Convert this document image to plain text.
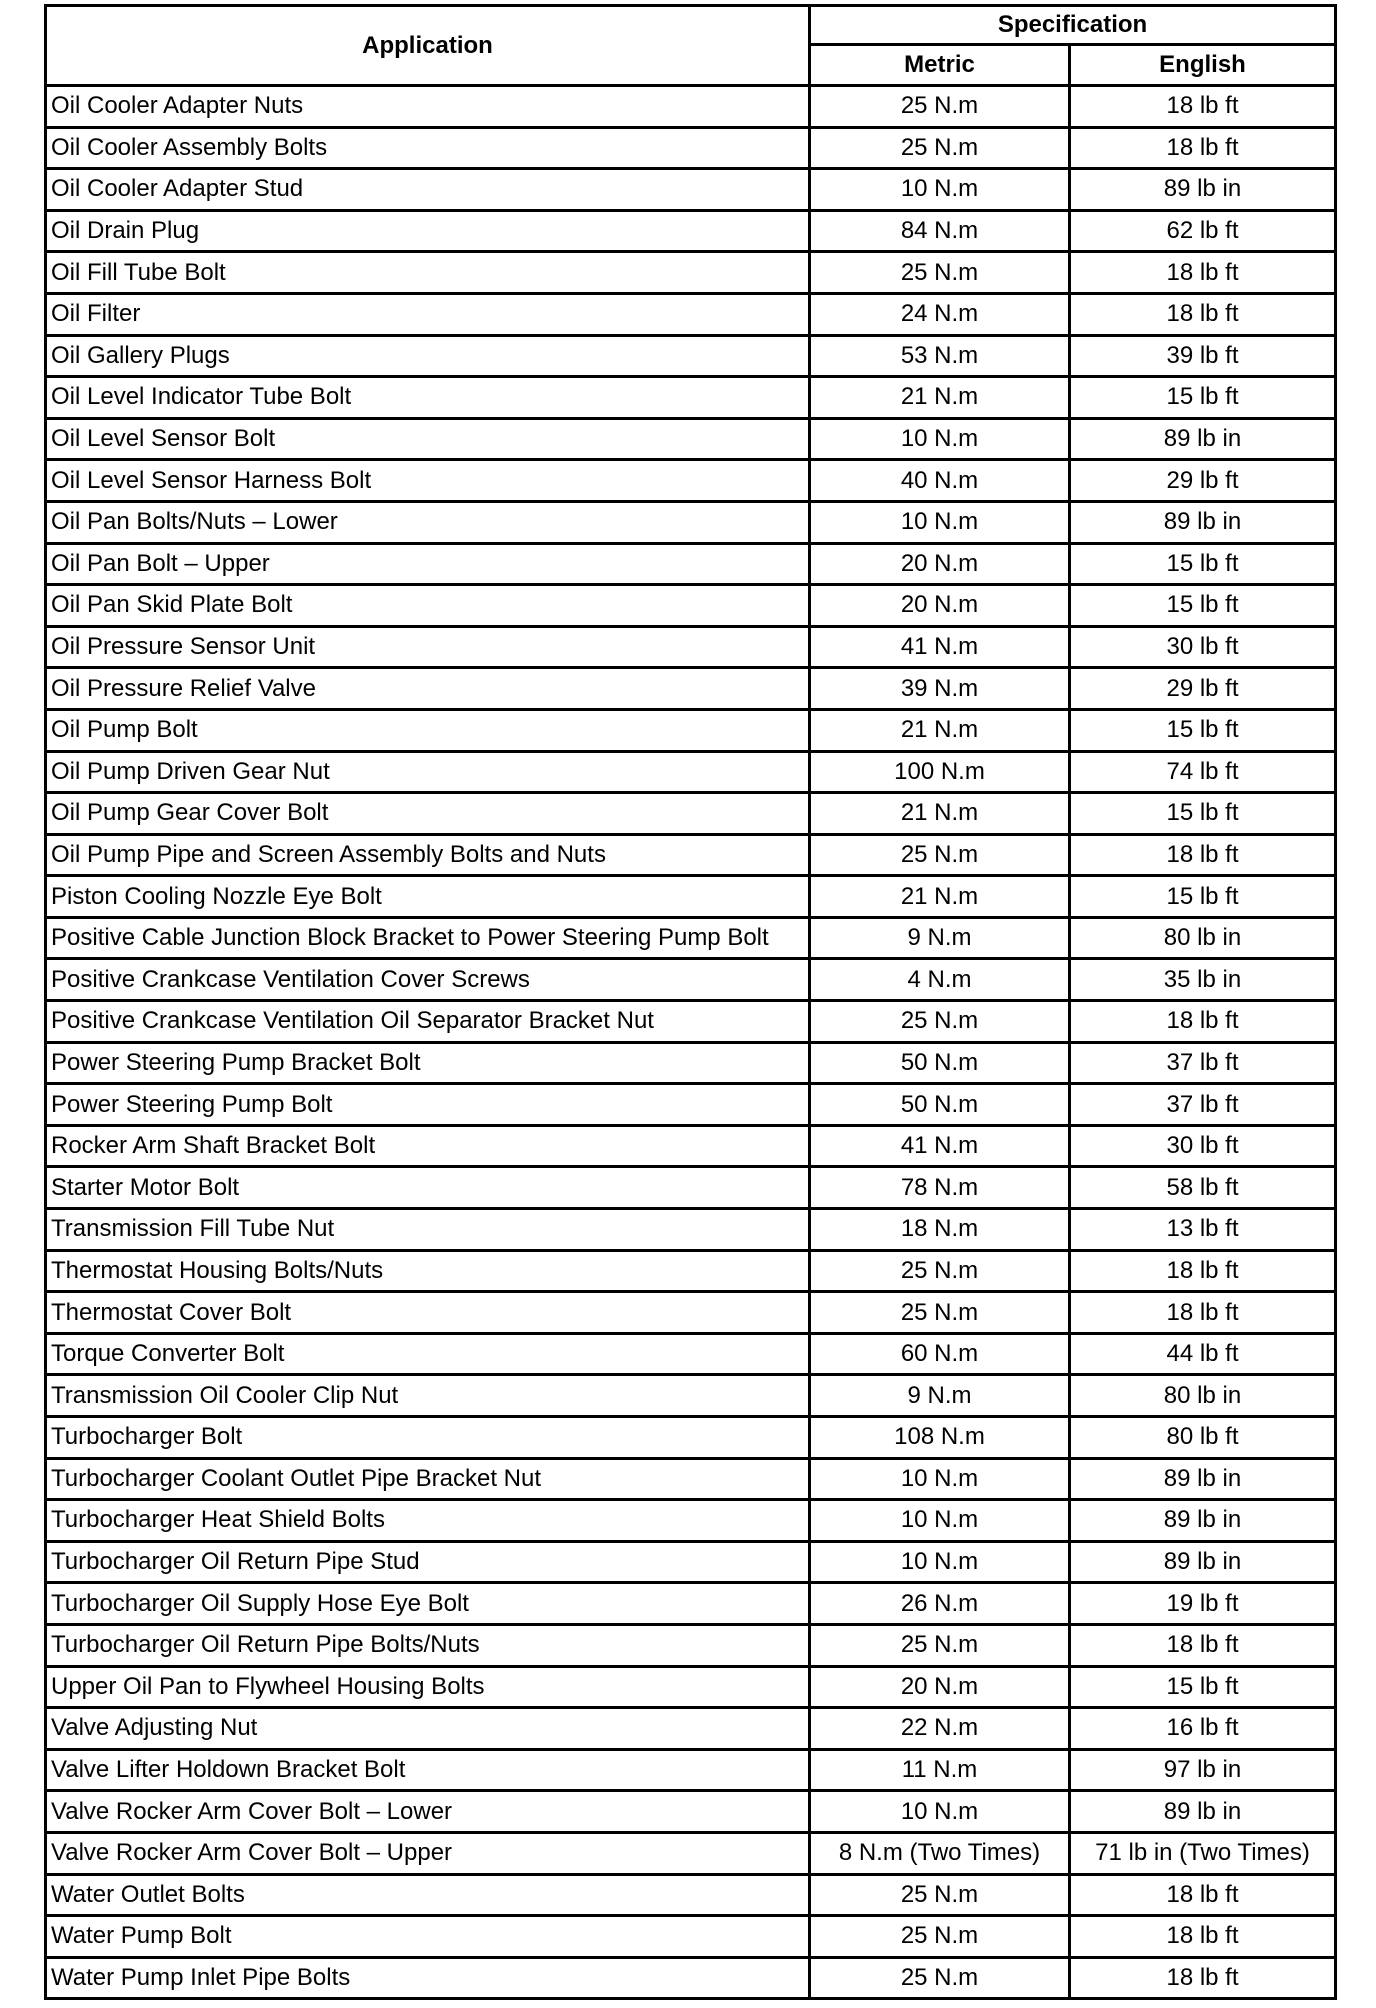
Application	Specification	
	Metric	English
Oil Cooler Adapter Nuts	25 N.m	18 lb ft
Oil Cooler Assembly Bolts	25 N.m	18 lb ft
Oil Cooler Adapter Stud	10 N.m	89 lb in
Oil Drain Plug	84 N.m	62 lb ft
Oil Fill Tube Bolt	25 N.m	18 lb ft
Oil Filter	24 N.m	18 lb ft
Oil Gallery Plugs	53 N.m	39 lb ft
Oil Level Indicator Tube Bolt	21 N.m	15 lb ft
Oil Level Sensor Bolt	10 N.m	89 lb in
Oil Level Sensor Harness Bolt	40 N.m	29 lb ft
Oil Pan Bolts/Nuts – Lower	10 N.m	89 lb in
Oil Pan Bolt – Upper	20 N.m	15 lb ft
Oil Pan Skid Plate Bolt	20 N.m	15 lb ft
Oil Pressure Sensor Unit	41 N.m	30 lb ft
Oil Pressure Relief Valve	39 N.m	29 lb ft
Oil Pump Bolt	21 N.m	15 lb ft
Oil Pump Driven Gear Nut	100 N.m	74 lb ft
Oil Pump Gear Cover Bolt	21 N.m	15 lb ft
Oil Pump Pipe and Screen Assembly Bolts and Nuts	25 N.m	18 lb ft
Piston Cooling Nozzle Eye Bolt	21 N.m	15 lb ft
Positive Cable Junction Block Bracket to Power Steering Pump Bolt	9 N.m	80 lb in
Positive Crankcase Ventilation Cover Screws	4 N.m	35 lb in
Positive Crankcase Ventilation Oil Separator Bracket Nut	25 N.m	18 lb ft
Power Steering Pump Bracket Bolt	50 N.m	37 lb ft
Power Steering Pump Bolt	50 N.m	37 lb ft
Rocker Arm Shaft Bracket Bolt	41 N.m	30 lb ft
Starter Motor Bolt	78 N.m	58 lb ft
Transmission Fill Tube Nut	18 N.m	13 lb ft
Thermostat Housing Bolts/Nuts	25 N.m	18 lb ft
Thermostat Cover Bolt	25 N.m	18 lb ft
Torque Converter Bolt	60 N.m	44 lb ft
Transmission Oil Cooler Clip Nut	9 N.m	80 lb in
Turbocharger Bolt	108 N.m	80 lb ft
Turbocharger Coolant Outlet Pipe Bracket Nut	10 N.m	89 lb in
Turbocharger Heat Shield Bolts	10 N.m	89 lb in
Turbocharger Oil Return Pipe Stud	10 N.m	89 lb in
Turbocharger Oil Supply Hose Eye Bolt	26 N.m	19 lb ft
Turbocharger Oil Return Pipe Bolts/Nuts	25 N.m	18 lb ft
Upper Oil Pan to Flywheel Housing Bolts	20 N.m	15 lb ft
Valve Adjusting Nut	22 N.m	16 lb ft
Valve Lifter Holdown Bracket Bolt	11 N.m	97 lb in
Valve Rocker Arm Cover Bolt – Lower	10 N.m	89 lb in
Valve Rocker Arm Cover Bolt – Upper	8 N.m (Two Times)	71 lb in (Two Times)
Water Outlet Bolts	25 N.m	18 lb ft
Water Pump Bolt	25 N.m	18 lb ft
Water Pump Inlet Pipe Bolts	25 N.m	18 lb ft
